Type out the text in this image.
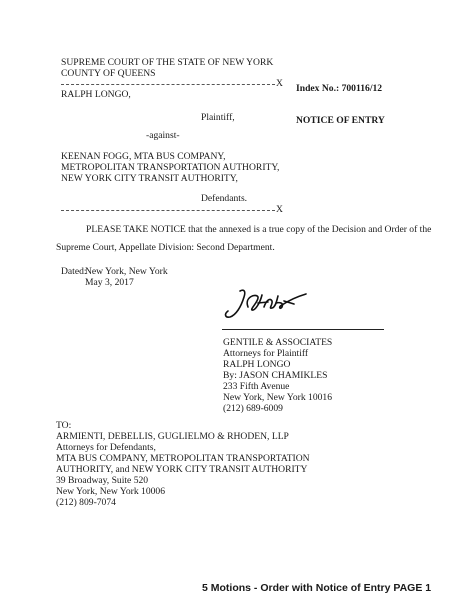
SUPREME COURT OF THE STATE OF NEW YORK
COUNTY OF QUEENS
X
RALPH LONGO,
Plaintiff,
-against-
KEENAN FOGG, MTA BUS COMPANY,
METROPOLITAN TRANSPORTATION AUTHORITY,
NEW YORK CITY TRANSIT AUTHORITY,
Defendants.
X
Index No.: 700116/12
NOTICE OF ENTRY
PLEASE TAKE NOTICE that the annexed is a true copy of the Decision and Order of the
Supreme Court, Appellate Division: Second Department.
Dated:
New York, New York
May 3, 2017
GENTILE & ASSOCIATES
Attorneys for Plaintiff
RALPH LONGO
By: JASON CHAMIKLES
233 Fifth Avenue
New York, New York 10016
(212) 689-6009
TO:
ARMIENTI, DEBELLIS, GUGLIELMO & RHODEN, LLP
Attorneys for Defendants,
MTA BUS COMPANY, METROPOLITAN TRANSPORTATION
AUTHORITY, and NEW YORK CITY TRANSIT AUTHORITY
39 Broadway, Suite 520
New York, New York 10006
(212) 809-7074
5 Motions - Order with Notice of Entry PAGE 1
